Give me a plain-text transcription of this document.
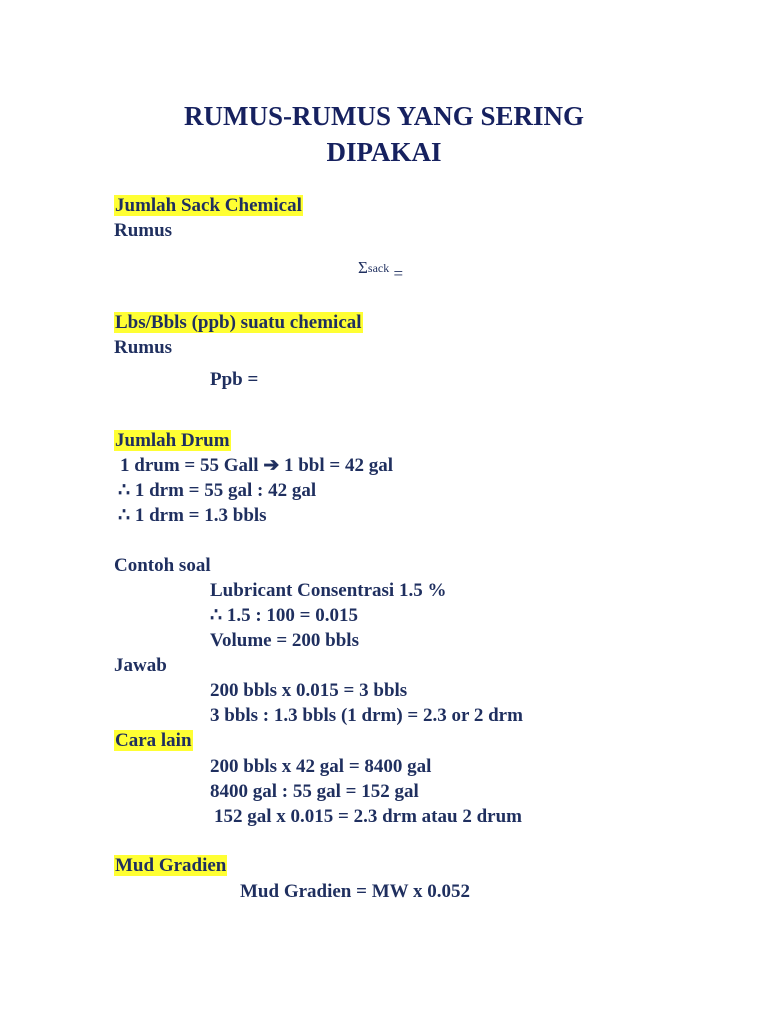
RUMUS-RUMUS YANG SERING
DIPAKAI
Jumlah Sack Chemical
Rumus
Σsack =
Lbs/Bbls (ppb) suatu chemical
Rumus
Ppb =
Jumlah Drum
1 drum = 55 Gall ➔ 1 bbl = 42 gal
∴ 1 drm = 55 gal : 42 gal
∴ 1 drm = 1.3 bbls
Contoh soal
Lubricant Consentrasi 1.5 %
∴ 1.5 : 100 = 0.015
Volume = 200 bbls
Jawab
200 bbls x 0.015 = 3 bbls
3 bbls : 1.3 bbls (1 drm) = 2.3 or 2 drm
Cara lain
200 bbls x 42 gal = 8400 gal
8400 gal : 55 gal = 152 gal
152 gal x 0.015 = 2.3 drm atau 2 drum
Mud Gradien
Mud Gradien = MW x 0.052
